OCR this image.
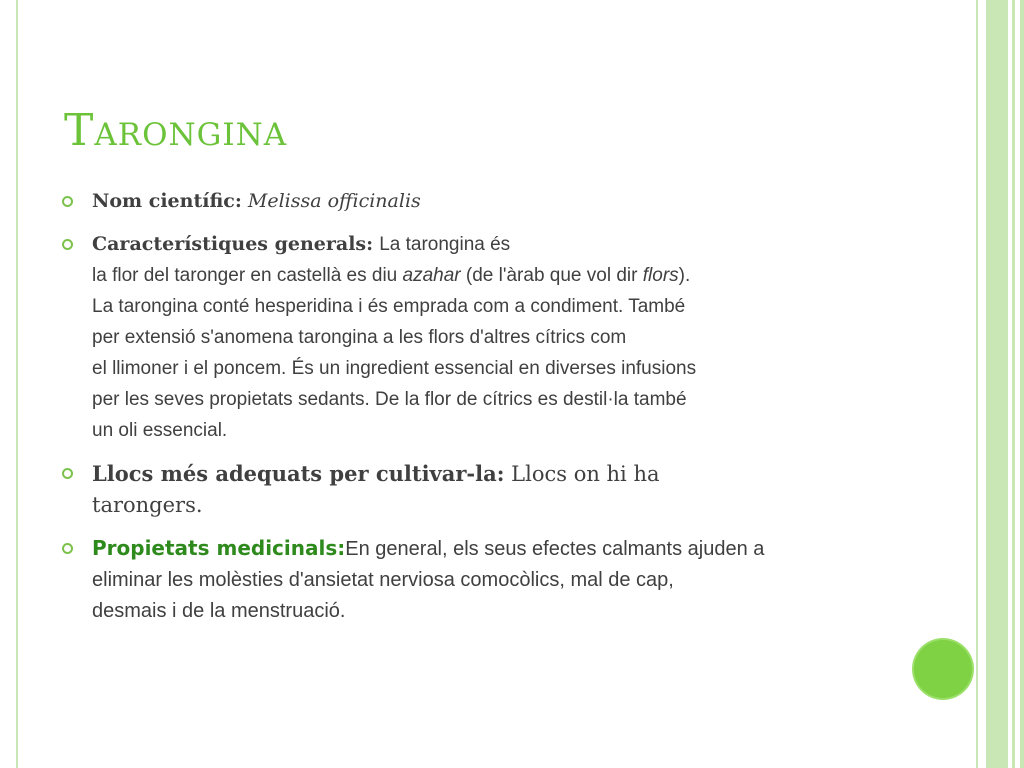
Tarongina
Nom científic: Melissa officinalis
Característiques generals: La tarongina és
la flor del taronger en castellà es diu azahar (de l'àrab que vol dir flors).
La tarongina conté hesperidina i és emprada com a condiment. També
per extensió s'anomena tarongina a les flors d'altres cítrics com
el llimoner i el poncem. És un ingredient essencial en diverses infusions
per les seves propietats sedants. De la flor de cítrics es destil·la també
un oli essencial.
Llocs més adequats per cultivar-la: Llocs on hi ha
tarongers.
Propietats medicinals:En general, els seus efectes calmants ajuden a
eliminar les molèsties d'ansietat nerviosa comocòlics, mal de cap,
desmais i de la menstruació.
